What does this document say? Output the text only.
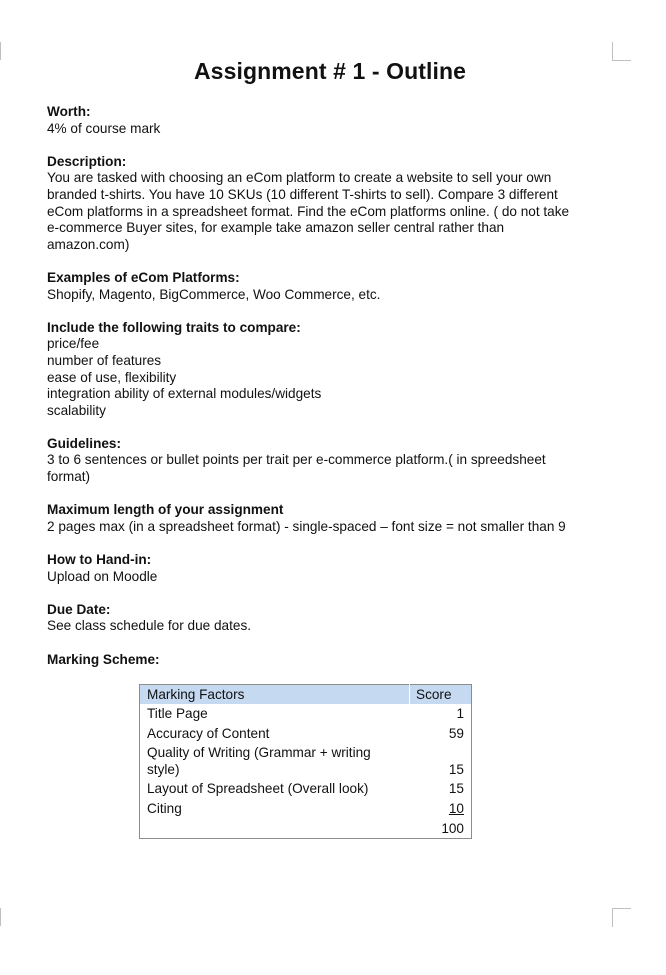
Assignment # 1 - Outline
Worth:
4% of course mark
Description:
You are tasked with choosing an eCom platform to create a website to sell your own
branded t-shirts. You have 10 SKUs (10 different T-shirts to sell). Compare 3 different
eCom platforms in a spreadsheet format. Find the eCom platforms online. ( do not take
e-commerce Buyer sites, for example take amazon seller central rather than
amazon.com)
Examples of eCom Platforms:
Shopify, Magento, BigCommerce, Woo Commerce, etc.
Include the following traits to compare:
price/fee
number of features
ease of use, flexibility
integration ability of external modules/widgets
scalability
Guidelines:
3 to 6 sentences or bullet points per trait per e-commerce platform.( in spreedsheet
format)
Maximum length of your assignment
2 pages max (in a spreadsheet format) - single-spaced – font size = not smaller than 9
How to Hand-in:
Upload on Moodle
Due Date:
See class schedule for due dates.
Marking Scheme:
Marking Factors	Score
Title Page	1
Accuracy of Content	59
Quality of Writing (Grammar + writing style)	15
Layout of Spreadsheet (Overall look)	15
Citing	10
	100
